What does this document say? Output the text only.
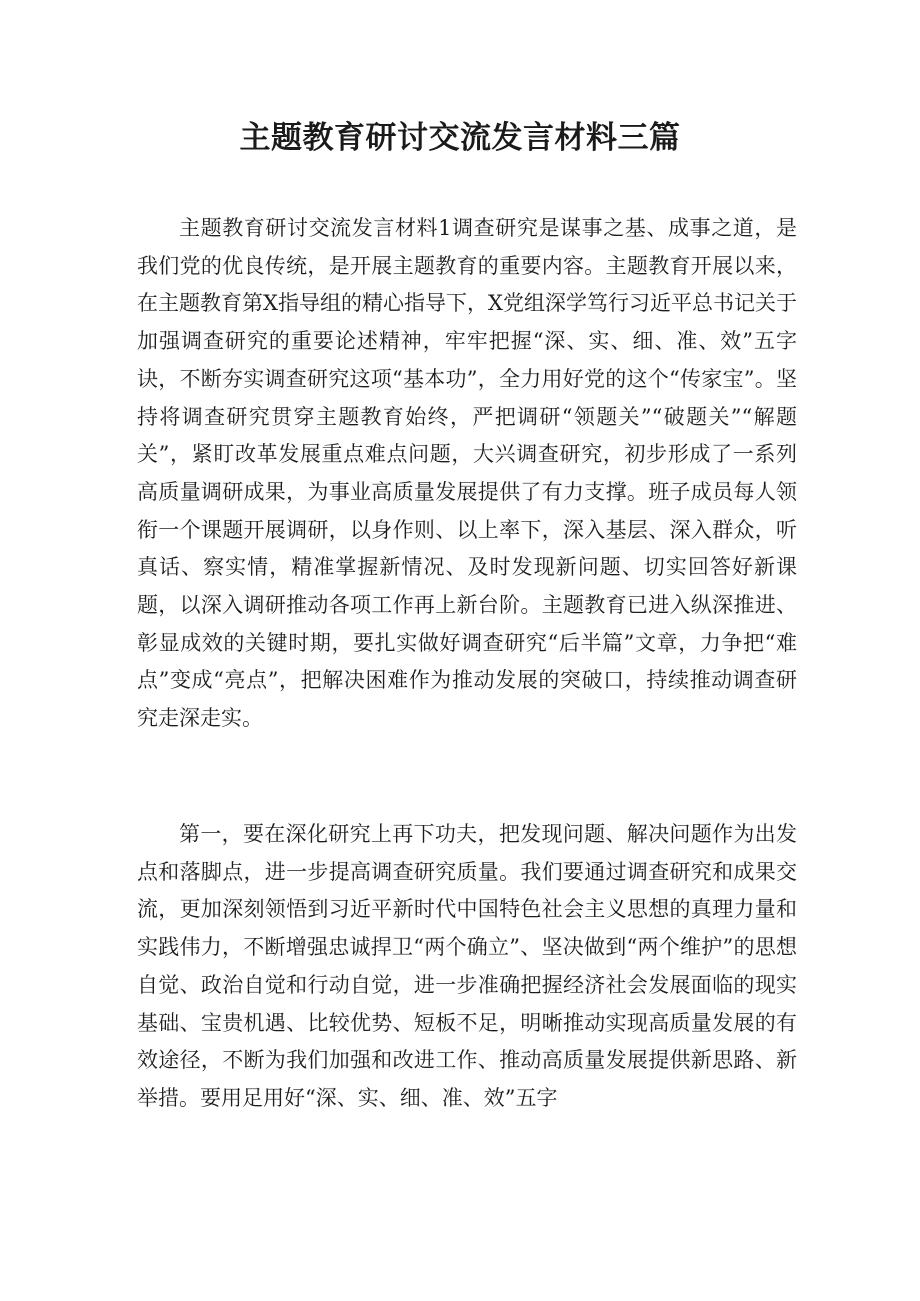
主题教育研讨交流发言材料三篇

主题教育研讨交流发言材料1调查研究是谋事之基、成事之道，是我们党的优良传统，是开展主题教育的重要内容。主题教育开展以来，在主题教育第X指导组的精心指导下，X党组深学笃行习近平总书记关于加强调查研究的重要论述精神，牢牢把握“深、实、细、准、效”五字诀，不断夯实调查研究这项“基本功”，全力用好党的这个“传家宝”。坚持将调查研究贯穿主题教育始终，严把调研“领题关”“破题关”“解题关”，紧盯改革发展重点难点问题，大兴调查研究，初步形成了一系列高质量调研成果，为事业高质量发展提供了有力支撑。班子成员每人领衔一个课题开展调研，以身作则、以上率下，深入基层、深入群众，听真话、察实情，精准掌握新情况、及时发现新问题、切实回答好新课题，以深入调研推动各项工作再上新台阶。主题教育已进入纵深推进、彰显成效的关键时期，要扎实做好调查研究“后半篇”文章，力争把“难点”变成“亮点”，把解决困难作为推动发展的突破口，持续推动调查研究走深走实。

第一，要在深化研究上再下功夫，把发现问题、解决问题作为出发点和落脚点，进一步提高调查研究质量。我们要通过调查研究和成果交流，更加深刻领悟到习近平新时代中国特色社会主义思想的真理力量和实践伟力，不断增强忠诚捍卫“两个确立”、坚决做到“两个维护”的思想自觉、政治自觉和行动自觉，进一步准确把握经济社会发展面临的现实基础、宝贵机遇、比较优势、短板不足，明晰推动实现高质量发展的有效途径，不断为我们加强和改进工作、推动高质量发展提供新思路、新举措。要用足用好“深、实、细、准、效”五字
